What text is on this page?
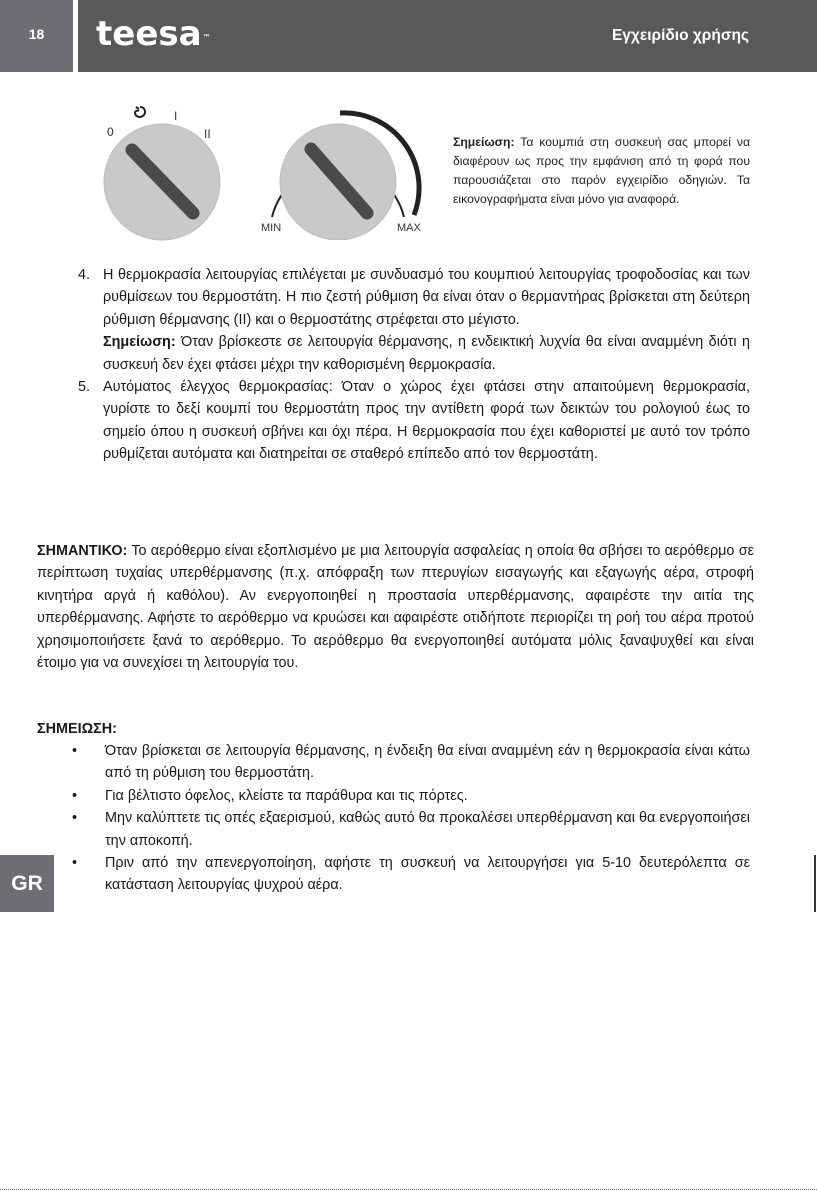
18 teesa™	Εγχειρίδιο χρήσης
0
I
II
MIN	MAX
Σημείωση: Τα κουμπιά στη συσκευή σας μπορεί να διαφέρουν ως προς την εμφάνιση από τη φορά που παρουσιάζεται στο παρόν εγχειρίδιο οδηγιών. Τα εικονογραφήματα είναι μόνο για αναφορά.
4. Η θερμοκρασία λειτουργίας επιλέγεται με συνδυασμό του κουμπιού λειτουργίας τροφοδοσίας και των ρυθμίσεων του θερμοστάτη. Η πιο ζεστή ρύθμιση θα είναι όταν ο θερμαντήρας βρίσκεται στη δεύτερη ρύθμιση θέρμανσης (II) και ο θερμοστάτης στρέφεται στο μέγιστο.
Σημείωση: Όταν βρίσκεστε σε λειτουργία θέρμανσης, η ενδεικτική λυχνία θα είναι αναμμένη διότι η συσκευή δεν έχει φτάσει μέχρι την καθορισμένη θερμοκρασία.
5. Αυτόματος έλεγχος θερμοκρασίας: Όταν ο χώρος έχει φτάσει στην απαιτούμενη θερμοκρασία, γυρίστε το δεξί κουμπί του θερμοστάτη προς την αντίθετη φορά των δεικτών του ρολογιού έως το σημείο όπου η συσκευή σβήνει και όχι πέρα. Η θερμοκρασία που έχει καθοριστεί με αυτό τον τρόπο ρυθμίζεται αυτόματα και διατηρείται σε σταθερό επίπεδο από τον θερμοστάτη.
ΣΗΜΑΝΤΙΚΟ: Το αερόθερμο είναι εξοπλισμένο με μια λειτουργία ασφαλείας η οποία θα σβήσει το αερόθερμο σε περίπτωση τυχαίας υπερθέρμανσης (π.χ. απόφραξη των πτερυγίων εισαγωγής και εξαγωγής αέρα, στροφή κινητήρα αργά ή καθόλου). Αν ενεργοποιηθεί η προστασία υπερθέρμανσης, αφαιρέστε την αιτία της υπερθέρμανσης. Αφήστε το αερόθερμο να κρυώσει και αφαιρέστε οτιδήποτε περιορίζει τη ροή του αέρα προτού χρησιμοποιήσετε ξανά το αερόθερμο. Το αερόθερμο θα ενεργοποιηθεί αυτόματα μόλις ξαναψυχθεί και είναι έτοιμο για να συνεχίσει τη λειτουργία του.
ΣΗΜΕΙΩΣΗ:
•	Όταν βρίσκεται σε λειτουργία θέρμανσης, η ένδειξη θα είναι αναμμένη εάν η θερμοκρασία είναι κάτω από τη ρύθμιση του θερμοστάτη.
•	Για βέλτιστο όφελος, κλείστε τα παράθυρα και τις πόρτες.
•	Μην καλύπτετε τις οπές εξαερισμού, καθώς αυτό θα προκαλέσει υπερθέρμανση και θα ενεργοποιήσει την αποκοπή.
•	Πριν από την απενεργοποίηση, αφήστε τη συσκευή να λειτουργήσει για 5-10 δευτερόλεπτα σε κατάσταση λειτουργίας ψυχρού αέρα.
GR
